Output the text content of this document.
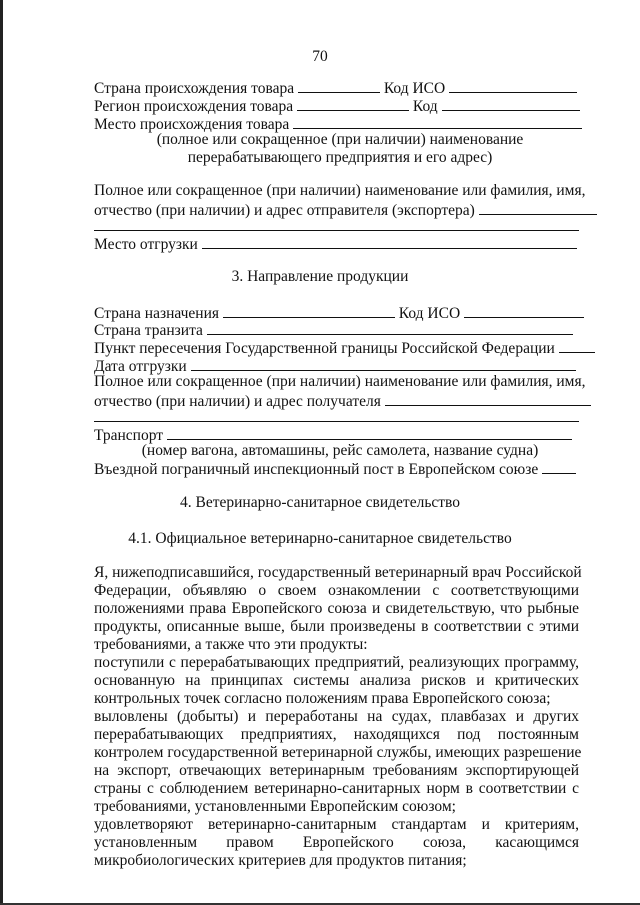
70
Страна происхождения товара	Код ИСО
Регион происхождения товара	Код
Место происхождения товара
(полное или сокращенное (при наличии) наименование
перерабатывающего предприятия и его адрес)
Полное или сокращенное (при наличии) наименование или фамилия, имя,
отчество (при наличии) и адрес отправителя (экспортера)
Место отгрузки
3. Направление продукции
Страна назначения	Код ИСО
Страна транзита
Пункт пересечения Государственной границы Российской Федерации
Дата отгрузки
Полное или сокращенное (при наличии) наименование или фамилия, имя,
отчество (при наличии) и адрес получателя
Транспорт
(номер вагона, автомашины, рейс самолета, название судна)
Въездной пограничный инспекционный пост в Европейском союзе
4. Ветеринарно-санитарное свидетельство
4.1. Официальное ветеринарно-санитарное свидетельство
Я, нижеподписавшийся, государственный ветеринарный врач Российской
Федерации, объявляю о своем ознакомлении с соответствующими
положениями права Европейского союза и свидетельствую, что рыбные
продукты, описанные выше, были произведены в соответствии с этими
требованиями, а также что эти продукты:
поступили с перерабатывающих предприятий, реализующих программу,
основанную на принципах системы анализа рисков и критических
контрольных точек согласно положениям права Европейского союза;
выловлены (добыты) и переработаны на судах, плавбазах и других
перерабатывающих предприятиях, находящихся под постоянным
контролем государственной ветеринарной службы, имеющих разрешение
на экспорт, отвечающих ветеринарным требованиям экспортирующей
страны с соблюдением ветеринарно-санитарных норм в соответствии с
требованиями, установленными Европейским союзом;
удовлетворяют ветеринарно-санитарным стандартам и критериям,
установленным правом Европейского союза, касающимся
микробиологических критериев для продуктов питания;
